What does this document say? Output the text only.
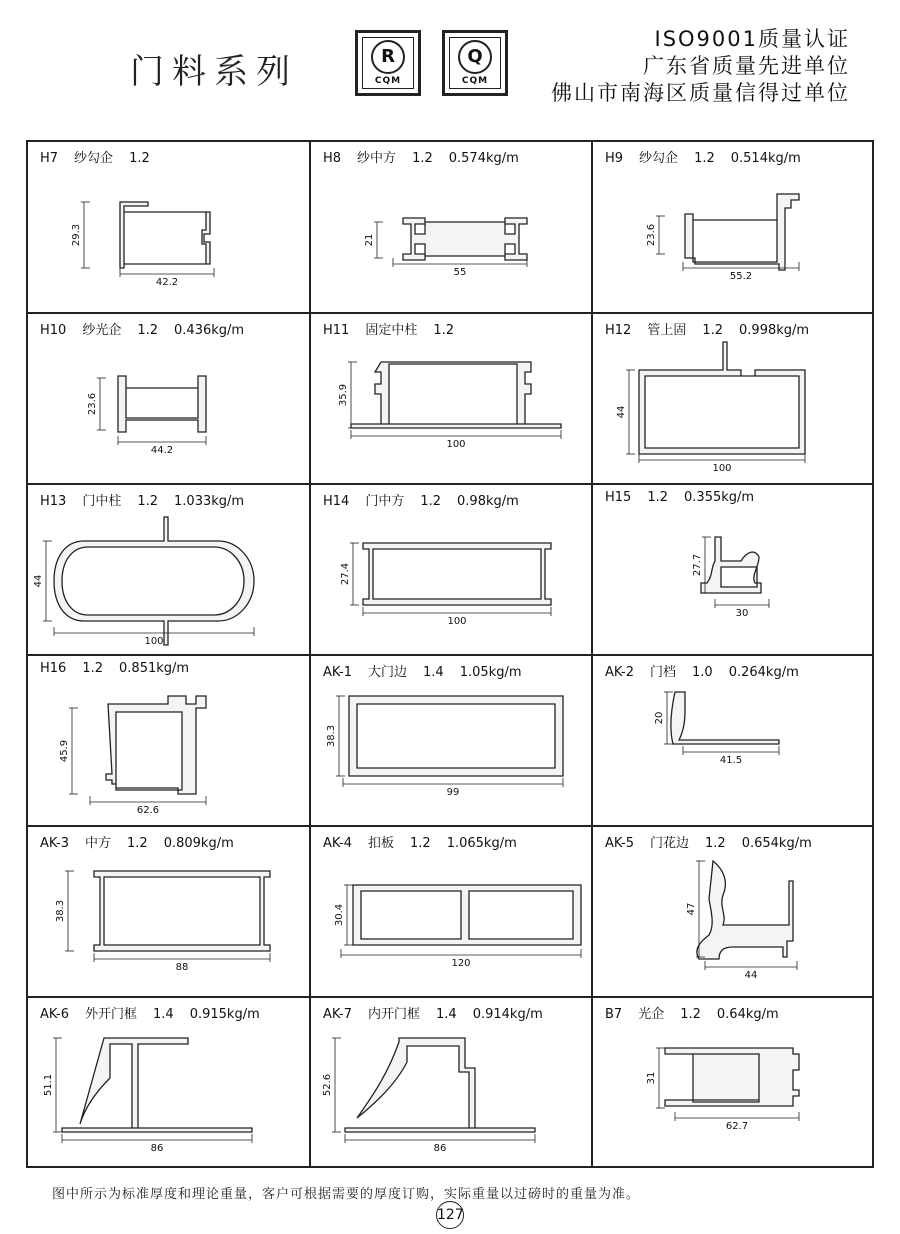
门料系列	R
CQM
Q
CQM
ISO9001质量认证
广东省质量先进单位
佛山市南海区质量信得过单位
H7 纱勾企 1.2
42.2
29.3
H8 纱中方 1.2 0.574kg/m
55
21
H9 纱勾企 1.2 0.514kg/m
55.2
23.6
H10 纱光企 1.2 0.436kg/m
44.2
23.6
H11 固定中柱 1.2
100
35.9
H12 管上固 1.2 0.998kg/m
100
44
H13 门中柱 1.2 1.033kg/m
100
44
H14 门中方 1.2 0.98kg/m
100
27.4
H15 1.2 0.355kg/m
30
27.7
H16 1.2 0.851kg/m
62.6
45.9
AK-1 大门边 1.4 1.05kg/m
99
38.3
AK-2 门档 1.0 0.264kg/m
41.5
20
AK-3 中方 1.2 0.809kg/m
88
38.3
AK-4 扣板 1.2 1.065kg/m
120
30.4
AK-5 门花边 1.2 0.654kg/m
44
47
AK-6 外开门框 1.4 0.915kg/m
86
51.1
AK-7 内开门框 1.4 0.914kg/m
86
52.6
B7 光企 1.2 0.64kg/m
62.7
31
图中所示为标准厚度和理论重量，客户可根据需要的厚度订购，实际重量以过磅时的重量为准。
127
